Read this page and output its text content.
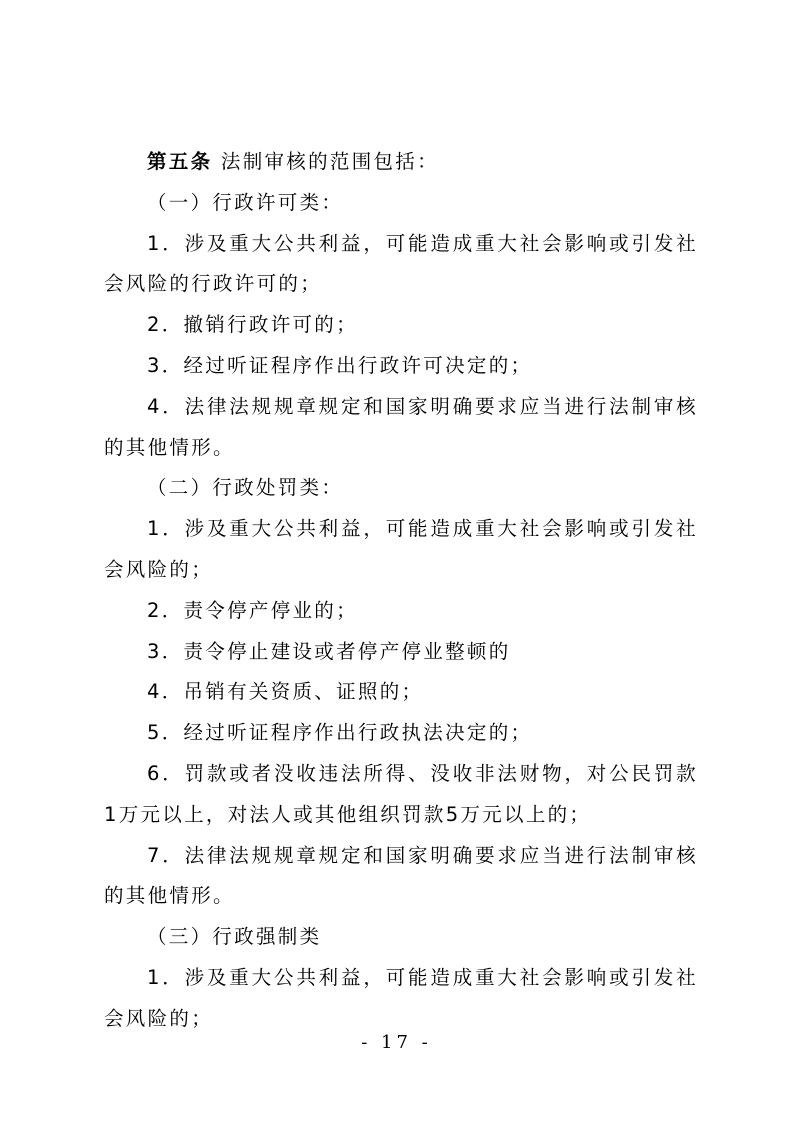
第五条 法制审核的范围包括：

（一）行政许可类：

1．涉及重大公共利益，可能造成重大社会影响或引发社会风险的行政许可的；

2．撤销行政许可的；

3．经过听证程序作出行政许可决定的；

4．法律法规规章规定和国家明确要求应当进行法制审核的其他情形。

（二）行政处罚类：

1．涉及重大公共利益，可能造成重大社会影响或引发社会风险的；

2．责令停产停业的；

3．责令停止建设或者停产停业整顿的

4．吊销有关资质、证照的；

5．经过听证程序作出行政执法决定的；

6．罚款或者没收违法所得、没收非法财物，对公民罚款1万元以上，对法人或其他组织罚款5万元以上的；

7．法律法规规章规定和国家明确要求应当进行法制审核的其他情形。

（三）行政强制类

1．涉及重大公共利益，可能造成重大社会影响或引发社会风险的；

- 17 -
